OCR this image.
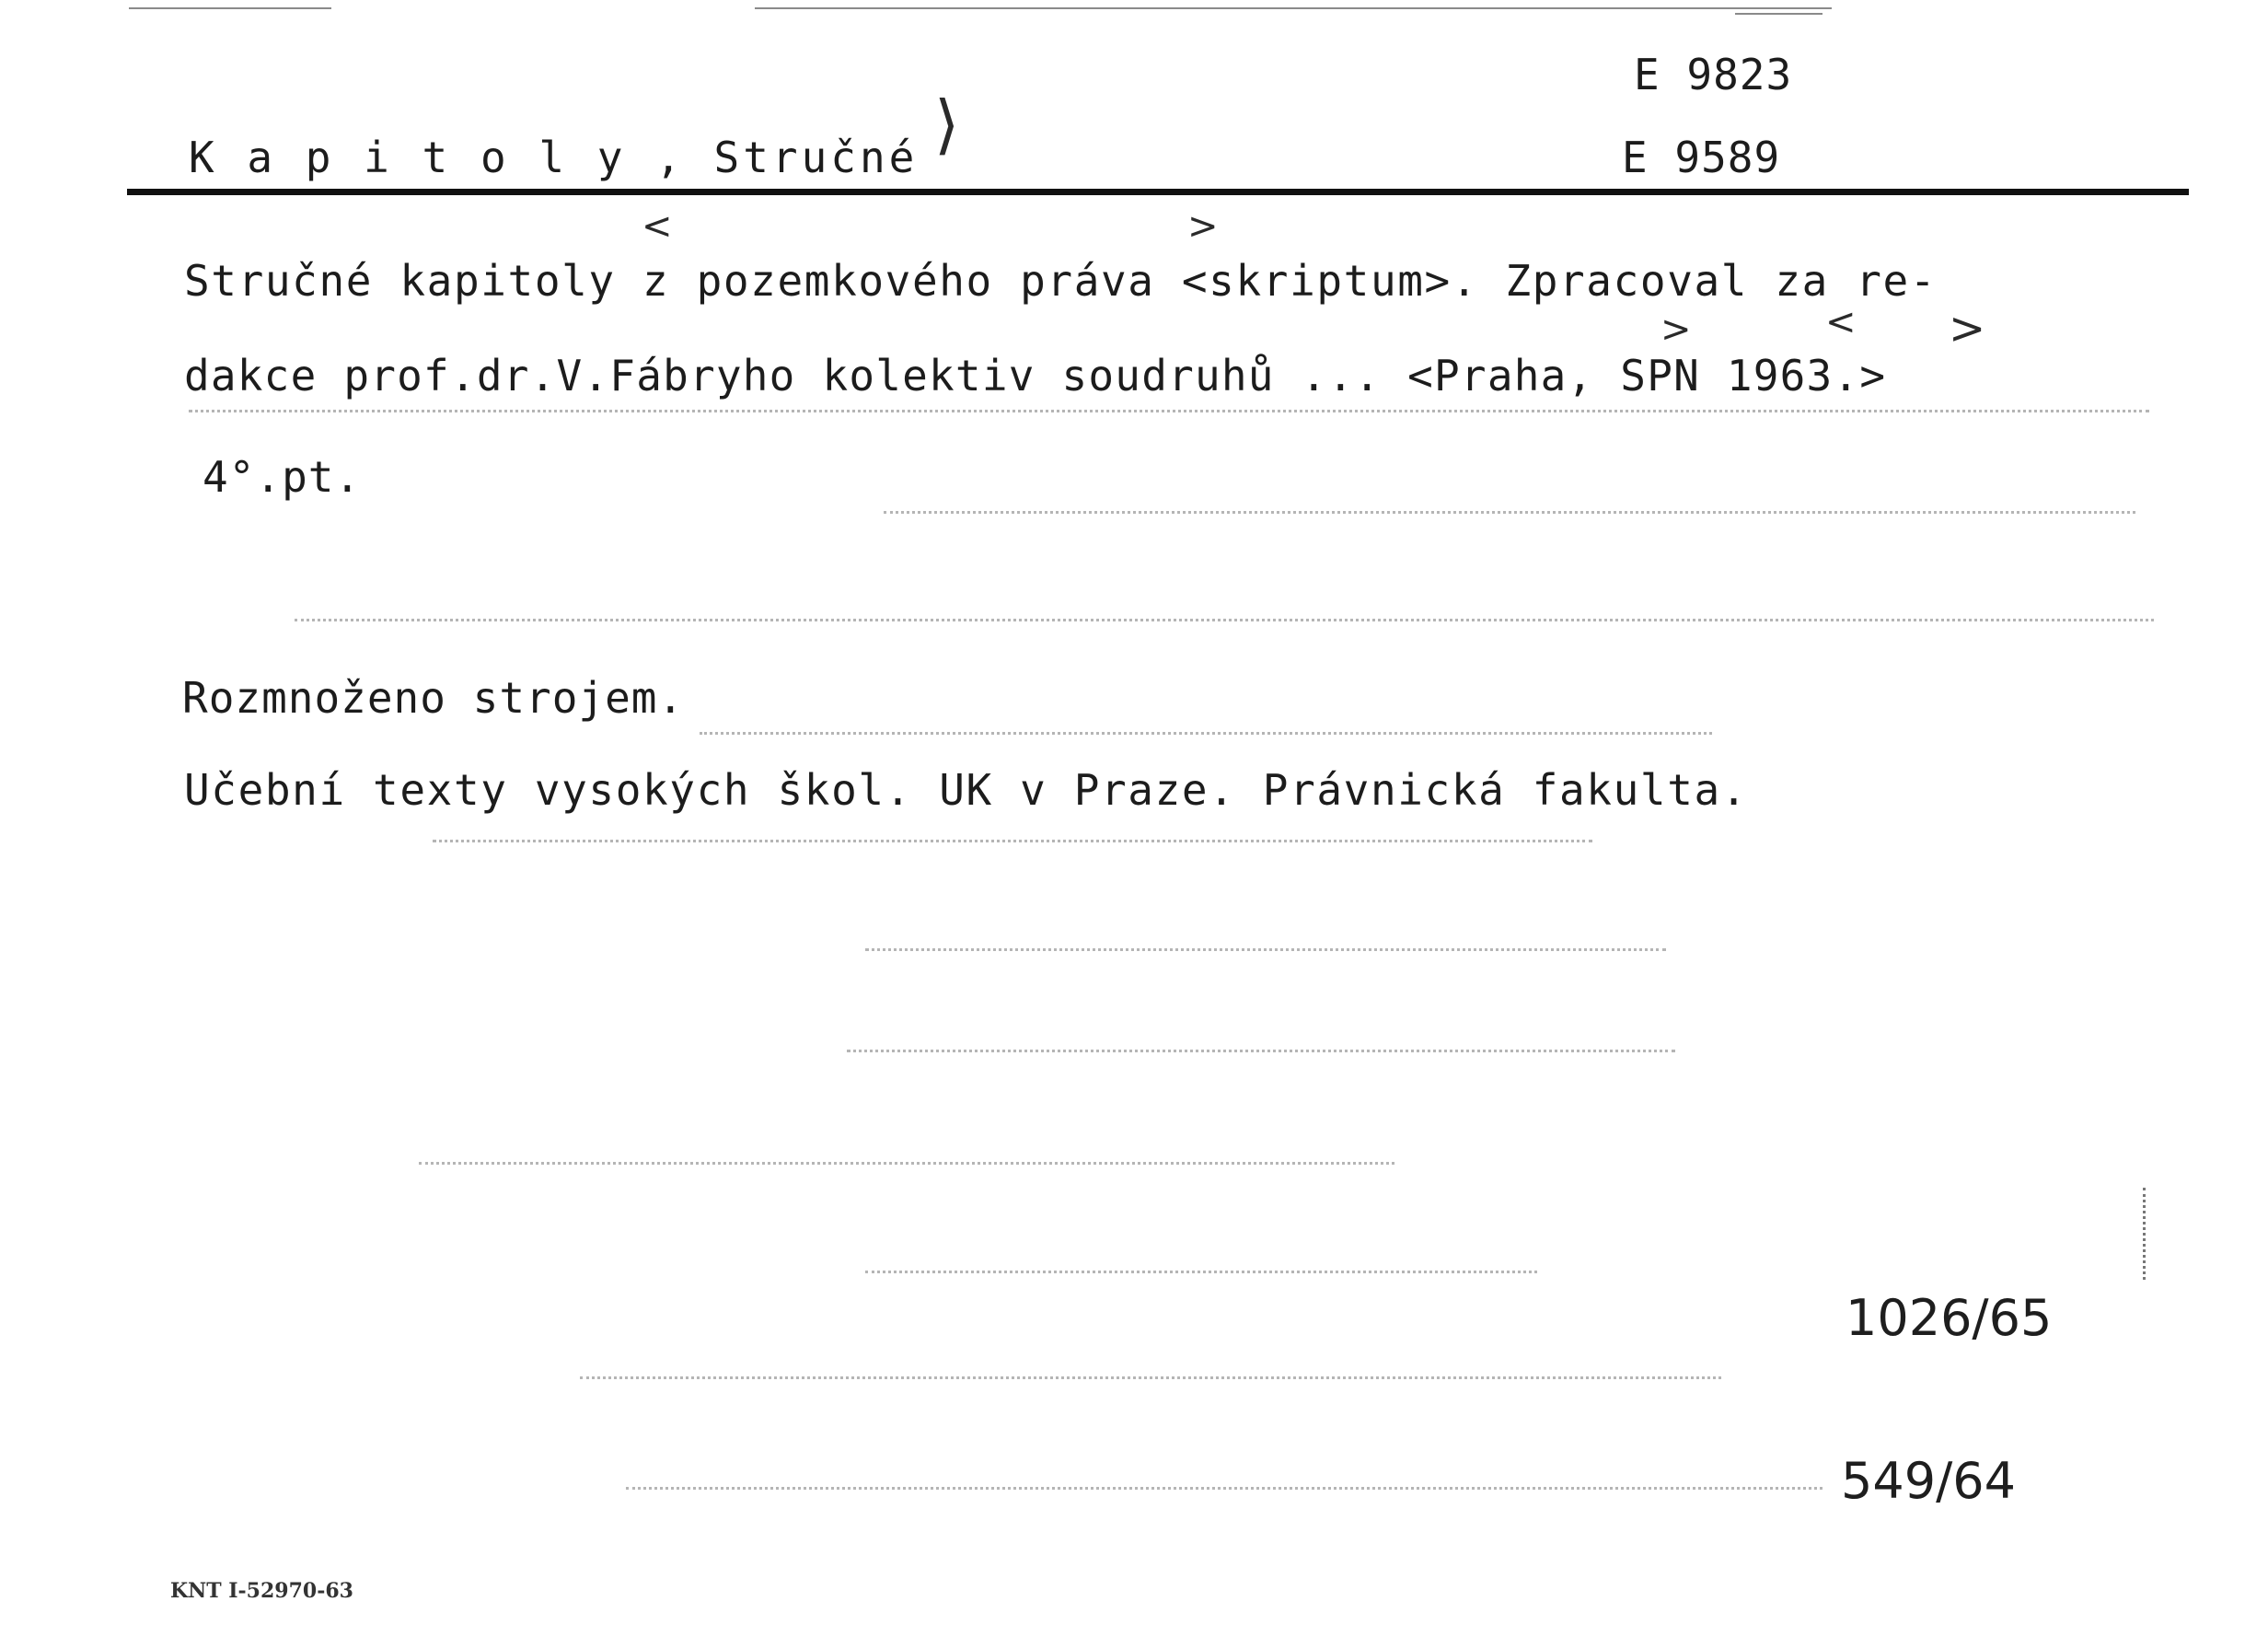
E 9823
E 9589
K a p i t o l y , Stručné ⟩
Stručné kapitoly z pozemkového práva <skriptum>. Zpracoval za re-
dakce prof.dr.V.Fábryho kolektiv soudruhů ... <Praha, SPN 1963.>
<	>
>	< >
4°.pt.
Rozmnoženo strojem.
Učební texty vysokých škol. UK v Praze. Právnická fakulta.
1026/65
549/64
KNT I-52970-63
